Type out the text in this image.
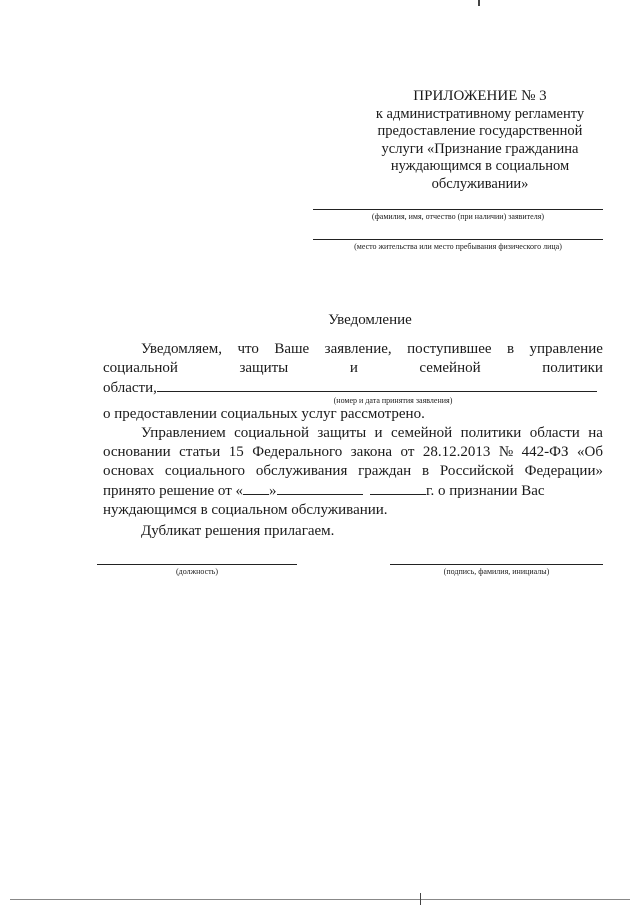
ПРИЛОЖЕНИЕ № 3
к административному регламенту
предоставление государственной
услуги «Признание гражданина
нуждающимся в социальном
обслуживании»
(фамилия, имя, отчество (при наличии) заявителя)
(место жительства или место пребывания физического лица)
Уведомление
Уведомляем, что Ваше заявление, поступившее в управление
социальной	защиты	и	семейной	политики
области,
(номер и дата принятия заявления)
о предоставлении социальных услуг рассмотрено.
Управлением социальной защиты и семейной политики области на
основании статьи 15 Федерального закона от 28.12.2013 № 442-ФЗ «Об
основах социального обслуживания граждан в Российской Федерации»
принято решение от « »	г. о признании Вас
нуждающимся в социальном обслуживании.
Дубликат решения прилагаем.
(должность)	(подпись, фамилия, инициалы)
